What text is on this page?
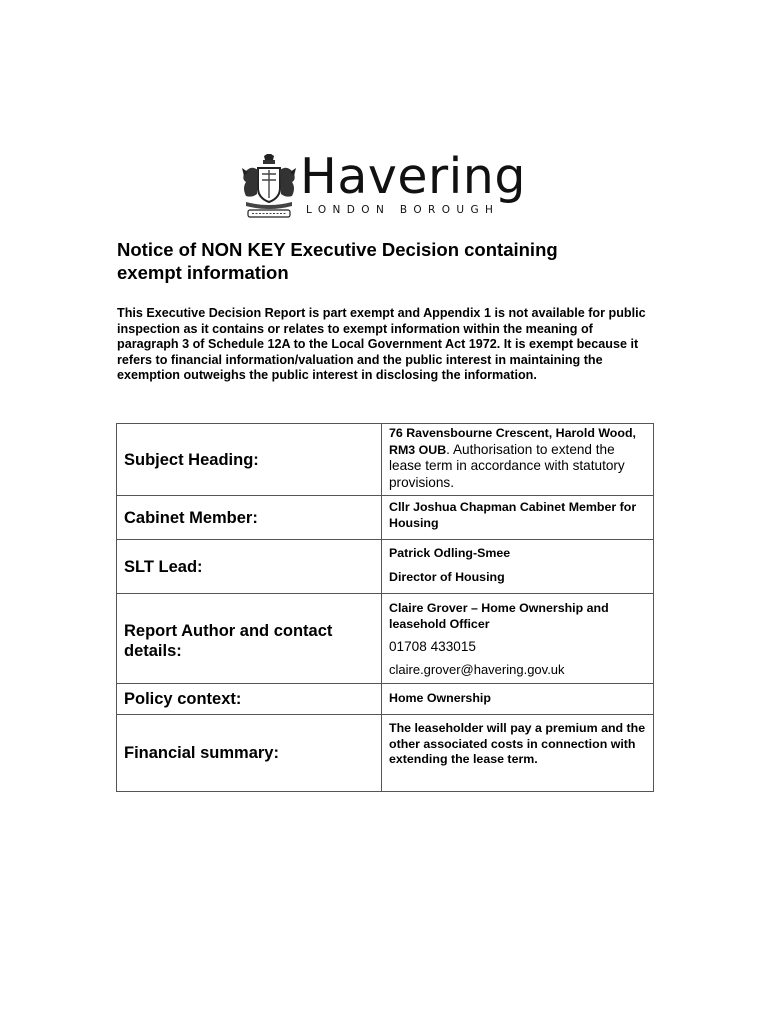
Havering
LONDON BOROUGH
Notice of NON KEY Executive Decision containing
exempt information

This Executive Decision Report is part exempt and Appendix 1 is not available for public inspection as it contains or relates to exempt information within the meaning of paragraph 3 of Schedule 12A to the Local Government Act 1972. It is exempt because it refers to financial information/valuation and the public interest in maintaining the exemption outweighs the public interest in disclosing the information.

Subject Heading:	76 Ravensbourne Crescent, Harold Wood, RM3 OUB. Authorisation to extend the lease term in accordance with statutory provisions.
Cabinet Member:	Cllr Joshua Chapman Cabinet Member for Housing
SLT Lead:	Patrick Odling-Smee
Director of Housing

Report Author and contact details:	Claire Grover – Home Ownership and leasehold Officer
01708 433015
claire.grover@havering.gov.uk

Policy context:	Home Ownership
Financial summary:	The leaseholder will pay a premium and the other associated costs in connection with extending the lease term.
